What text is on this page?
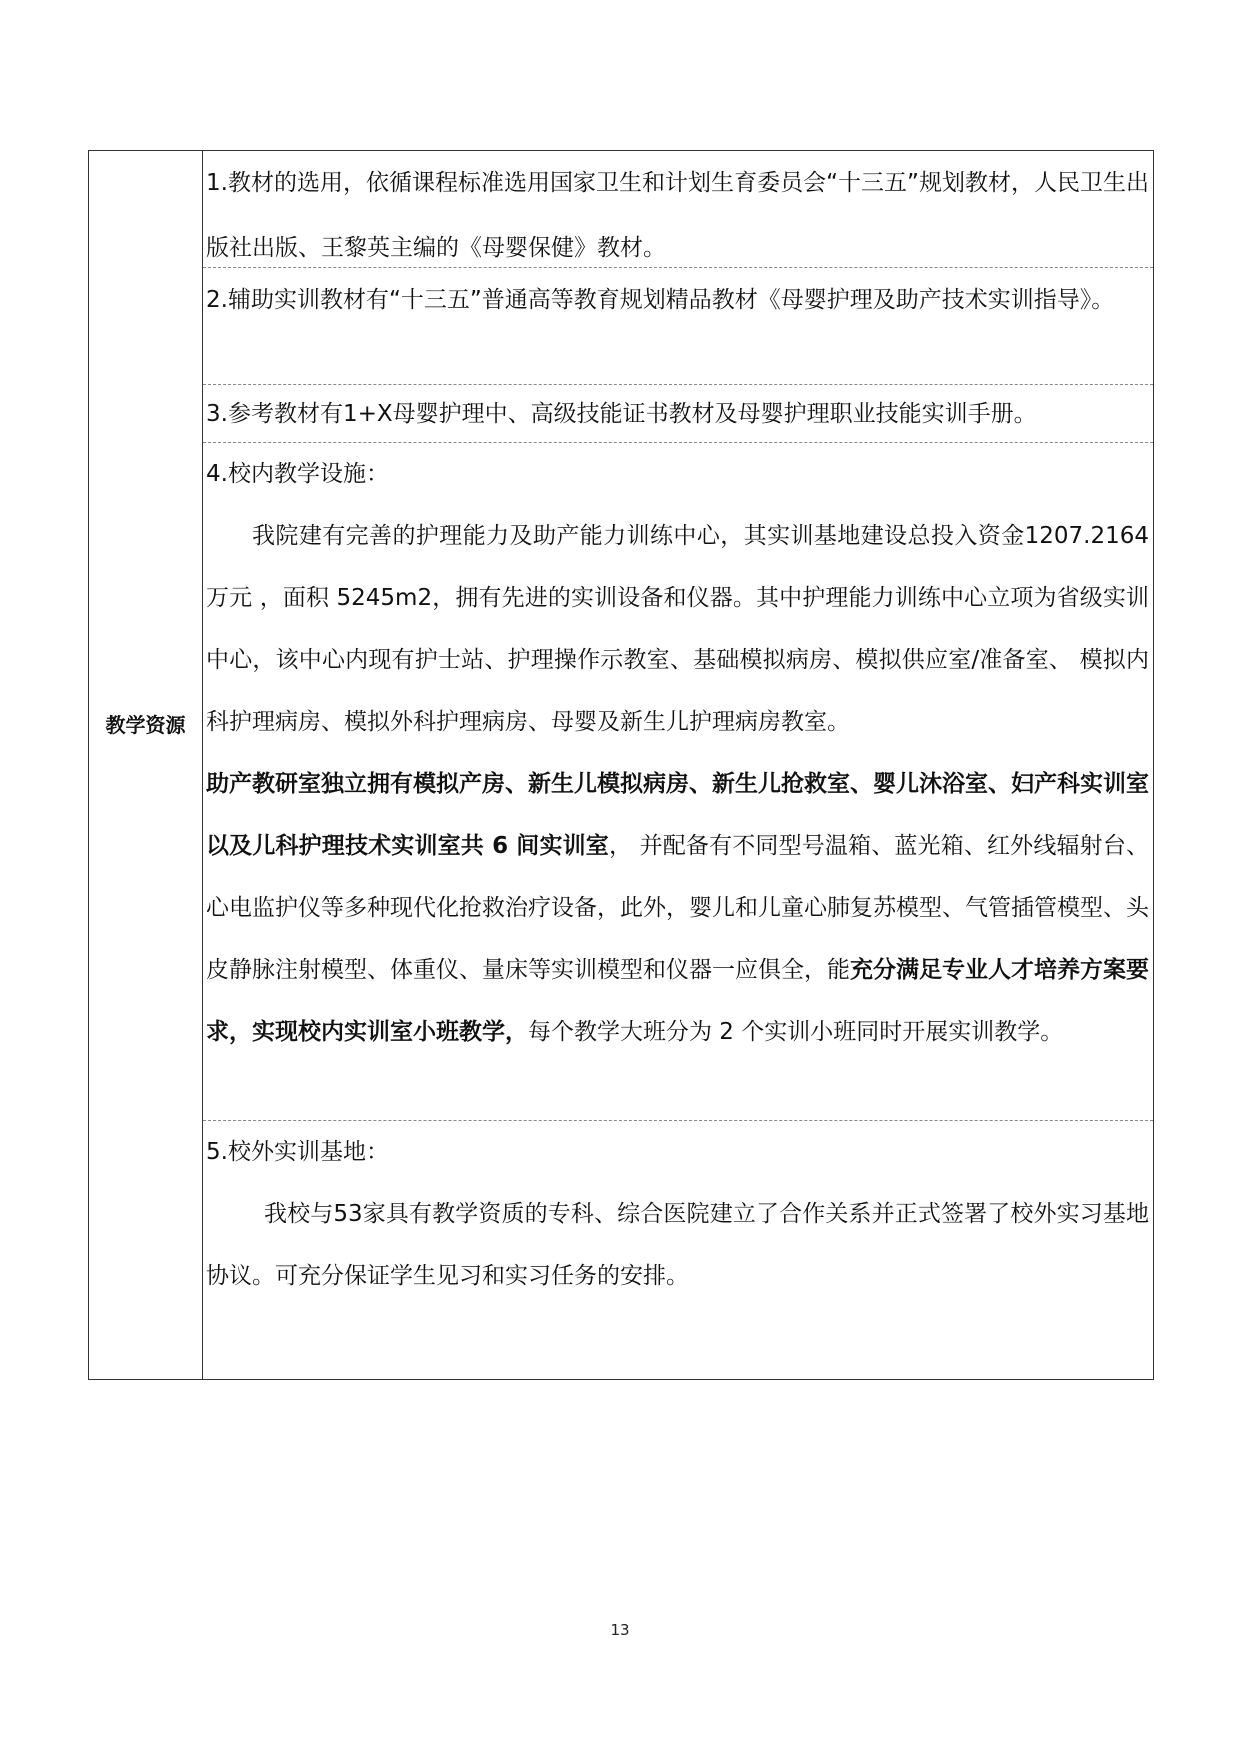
教学资源

1.教材的选用，依循课程标准选用国家卫生和计划生育委员会“十三五”规划教材，人民卫生出版社出版、王黎英主编的《母婴保健》教材。

2.辅助实训教材有“十三五”普通高等教育规划精品教材《母婴护理及助产技术实训指导》。

3.参考教材有1+X母婴护理中、高级技能证书教材及母婴护理职业技能实训手册。

4.校内教学设施：

我院建有完善的护理能力及助产能力训练中心，其实训基地建设总投入资金1207.2164 万元 ，面积 5245m2，拥有先进的实训设备和仪器。其中护理能力训练中心立项为省级实训中心，该中心内现有护士站、护理操作示教室、基础模拟病房、模拟供应室/准备室、 模拟内科护理病房、模拟外科护理病房、母婴及新生儿护理病房教室。

助产教研室独立拥有模拟产房、新生儿模拟病房、新生儿抢救室、婴儿沐浴室、妇产科实训室以及儿科护理技术实训室共 6 间实训室， 并配备有不同型号温箱、蓝光箱、红外线辐射台、心电监护仪等多种现代化抢救治疗设备，此外，婴儿和儿童心肺复苏模型、气管插管模型、头皮静脉注射模型、体重仪、量床等实训模型和仪器一应俱全，能充分满足专业人才培养方案要求，实现校内实训室小班教学，每个教学大班分为 2 个实训小班同时开展实训教学。

5.校外实训基地：

我校与53家具有教学资质的专科、综合医院建立了合作关系并正式签署了校外实习基地协议。可充分保证学生见习和实习任务的安排。

13
